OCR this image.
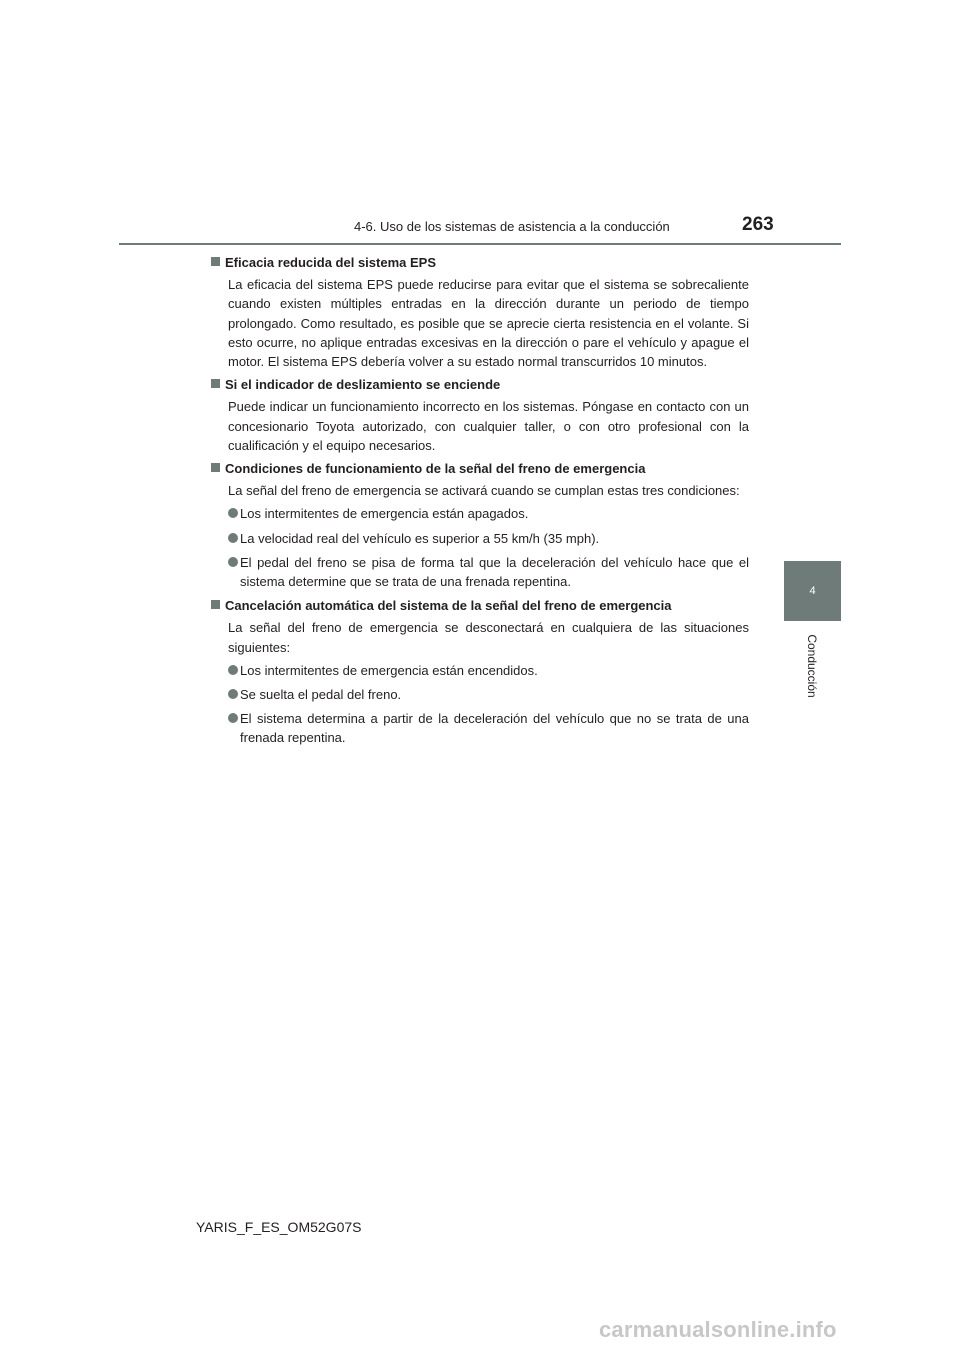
4-6. Uso de los sistemas de asistencia a la conducción	263
4
Conducción
Eficacia reducida del sistema EPS

La eficacia del sistema EPS puede reducirse para evitar que el sistema se sobrecaliente cuando existen múltiples entradas en la dirección durante un periodo de tiempo prolongado. Como resultado, es posible que se aprecie cierta resistencia en el volante. Si esto ocurre, no aplique entradas excesivas en la dirección o pare el vehículo y apague el motor. El sistema EPS debería volver a su estado normal transcurridos 10 minutos.

Si el indicador de deslizamiento se enciende

Puede indicar un funcionamiento incorrecto en los sistemas. Póngase en contacto con un concesionario Toyota autorizado, con cualquier taller, o con otro profesional con la cualificación y el equipo necesarios.

Condiciones de funcionamiento de la señal del freno de emergencia

La señal del freno de emergencia se activará cuando se cumplan estas tres condiciones:

Los intermitentes de emergencia están apagados.
La velocidad real del vehículo es superior a 55 km/h (35 mph).
El pedal del freno se pisa de forma tal que la deceleración del vehículo hace que el sistema determine que se trata de una frenada repentina.
Cancelación automática del sistema de la señal del freno de emergencia

La señal del freno de emergencia se desconectará en cualquiera de las situaciones siguientes:

Los intermitentes de emergencia están encendidos.
Se suelta el pedal del freno.
El sistema determina a partir de la deceleración del vehículo que no se trata de una frenada repentina.
YARIS_F_ES_OM52G07S
carmanualsonline.info
